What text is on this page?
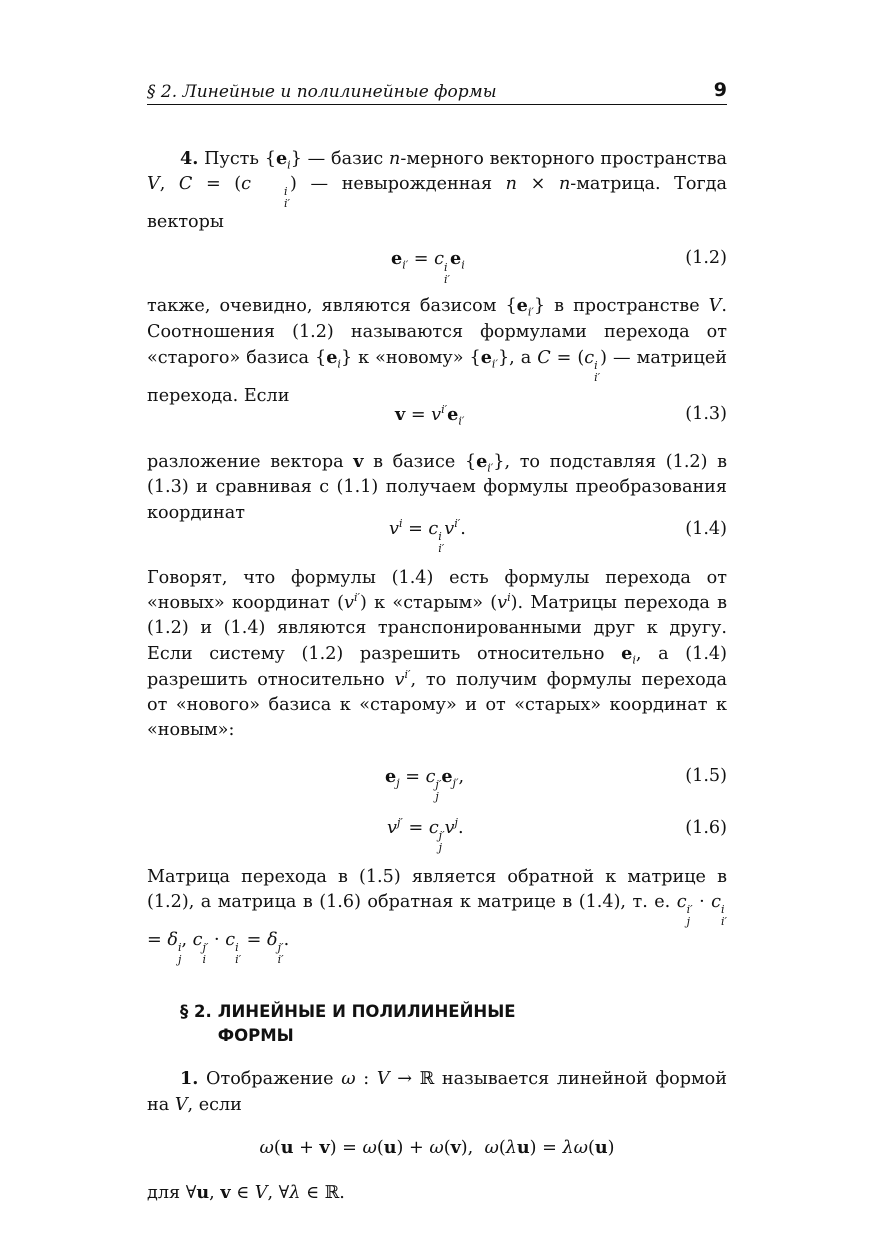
§ 2. Линейные и полилинейные формы	9

4. Пусть $\{e_i\}$ — базис n-мерного векторного пространства V, C = (c	i
i′
) — невырожденная n × n-матрица. Тогда векторы

$e_{i'} = c$ i
i′
$e_i$	(1.2)

также, очевидно, являются базисом $\{e_{i'}\}$ в пространстве V. Соотношения (1.2) называются формулами перехода от «старого» базиса $\{e_i\}$ к «новому» $\{e_{i'}\}$, а C = (c i
i′
) — матрицей перехода. Если

$v = v^{i'}e_{i'}$	(1.3)

разложение вектора v в базисе $\{e_{i'}\}$, то подставляя (1.2) в (1.3) и сравнивая с (1.1) получаем формулы преобразования координат

$v^i = c$ i
i′
$v^{i'}$.	(1.4)

Говорят, что формулы (1.4) есть формулы перехода от «новых» координат $(v^{i'})$ к «старым» $(v^i)$. Матрицы перехода в (1.2) и (1.4) являются транспонированными друг к другу. Если систему (1.2) разрешить относительно $e_i$, а (1.4) разрешить относительно $v^{i'}$, то получим формулы перехода от «нового» базиса к «старому» и от «старых» координат к «новым»:

$e_j = c$ j′
j
$e_{j'}$,	(1.5)
$v^{j'} = c$ j′
j
$v^j$.	(1.6)

Матрица перехода в (1.5) является обратной к матрице в (1.2), а матрица в (1.6) обратная к матрице в (1.4), т. е. c i′
j
· c i
i′
= δ i
j
, c j′
i
· c i
i′
= δ j′
i′
.

§ 2. ЛИНЕЙНЫЕ И ПОЛИЛИНЕЙНЫЕ
ФОРМЫ

1. Отображение ω : V → ℝ называется линейной формой на V, если

ω(u + v) = ω(u) + ω(v),  ω(λu) = λω(u)

для ∀u, v ∈ V, ∀λ ∈ ℝ.
